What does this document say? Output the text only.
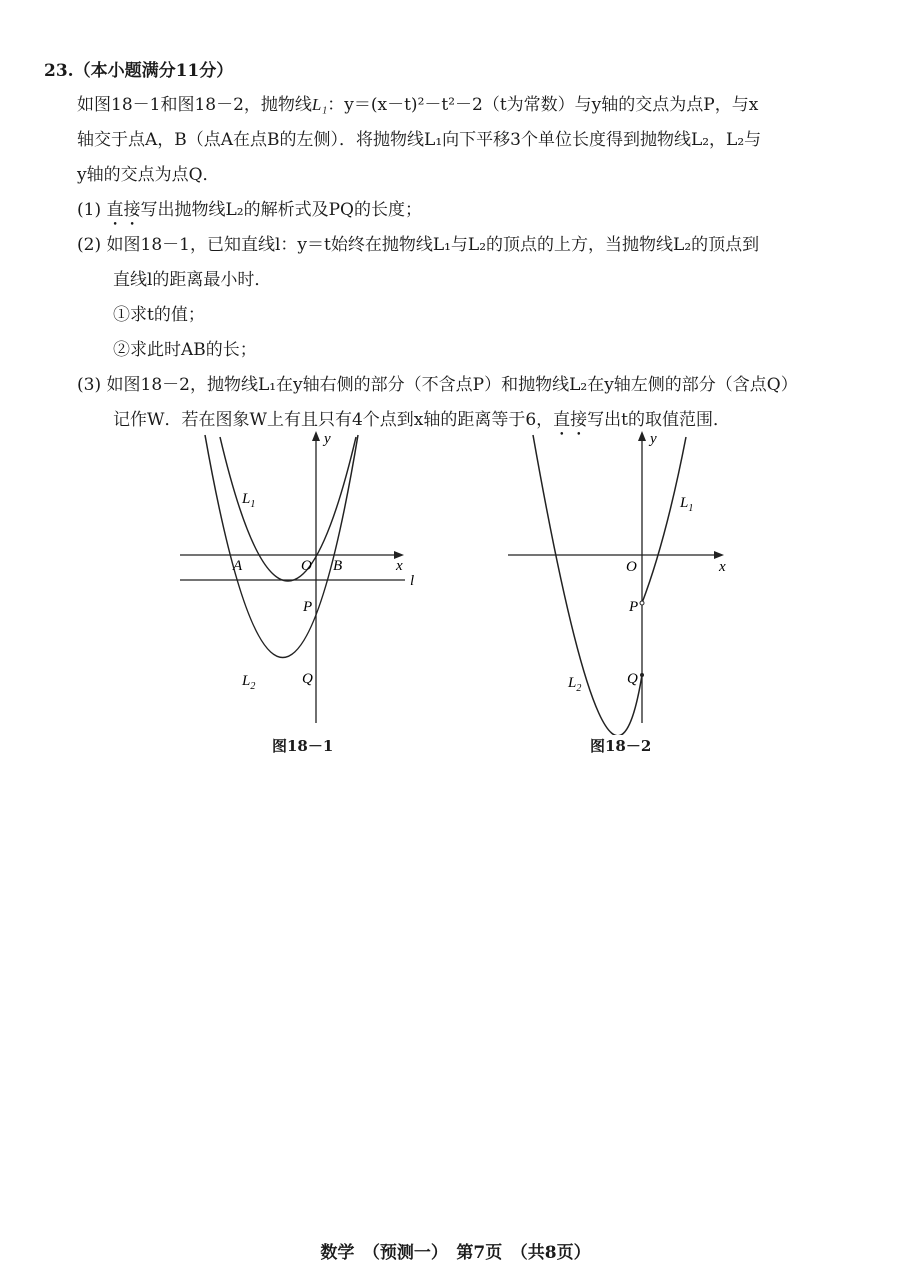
23.（本小题满分11分）
如图18－1和图18－2，抛物线L₁：y＝(x－t)²－t²－2（t为常数）与y轴的交点为点P，与x
轴交于点A，B（点A在点B的左侧）．将抛物线L₁向下平移3个单位长度得到抛物线L₂，L₂与
y轴的交点为点Q．
(1) 直接写出抛物线L₂的解析式及PQ的长度；
(2) 如图18－1，已知直线l：y＝t始终在抛物线L₁与L₂的顶点的上方，当抛物线L₂的顶点到
直线l的距离最小时．
①求t的值；
②求此时AB的长；
(3) 如图18－2，抛物线L₁在y轴右侧的部分（不含点P）和抛物线L₂在y轴左侧的部分（含点Q）
记作W．若在图象W上有且只有4个点到x轴的距离等于6，直接写出t的取值范围．
y
x
l
O
A	B
P
Q
$L_1$
$L_2$
图18－1
y
x
O
P
Q
$L_1$
$L_2$
图18－2
数学　（预测一）　第7页　（共8页）
